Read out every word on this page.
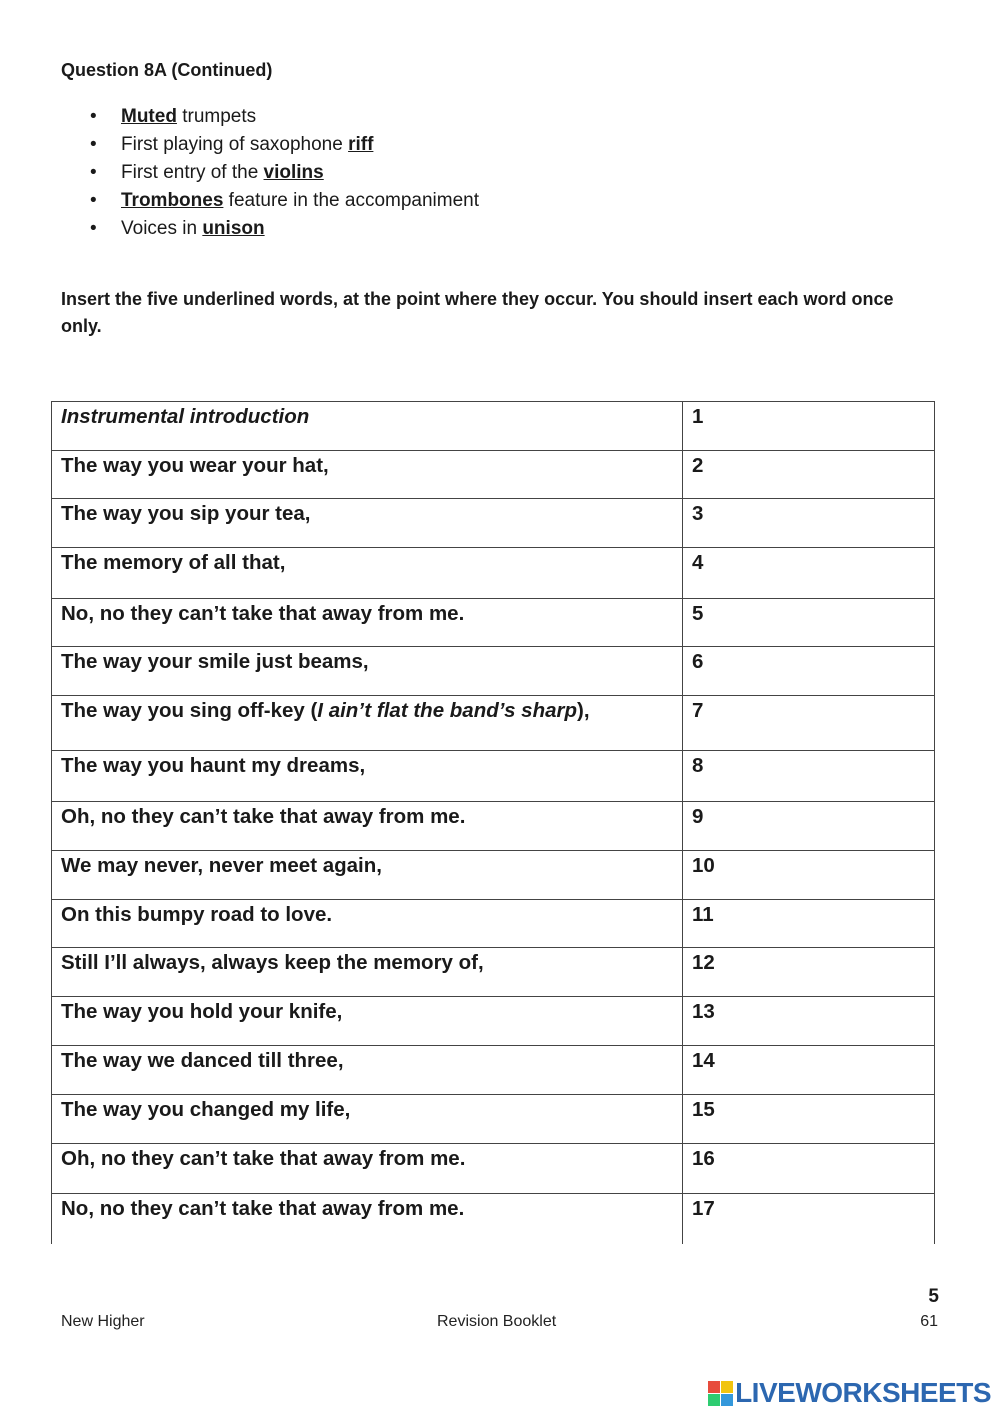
Question 8A (Continued)
•	Muted trumpets
•	First playing of saxophone riff
•	First entry of the violins
•	Trombones feature in the accompaniment
•	Voices in unison
Insert the five underlined words, at the point where they occur. You should insert each word once only.
Instrumental introduction	1
The way you wear your hat,	2
The way you sip your tea,	3
The memory of all that,	4
No, no they can’t take that away from me.	5
The way your smile just beams,	6
The way you sing off-key (I ain’t flat the band’s sharp),	7
The way you haunt my dreams,	8
Oh, no they can’t take that away from me.	9
We may never, never meet again,	10
On this bumpy road to love.	11
Still I’ll always, always keep the memory of,	12
The way you hold your knife,	13
The way we danced till three,	14
The way you changed my life,	15
Oh, no they can’t take that away from me.	16
No, no they can’t take that away from me.	17
5
New Higher	Revision Booklet	61
LIVEWORKSHEETS
